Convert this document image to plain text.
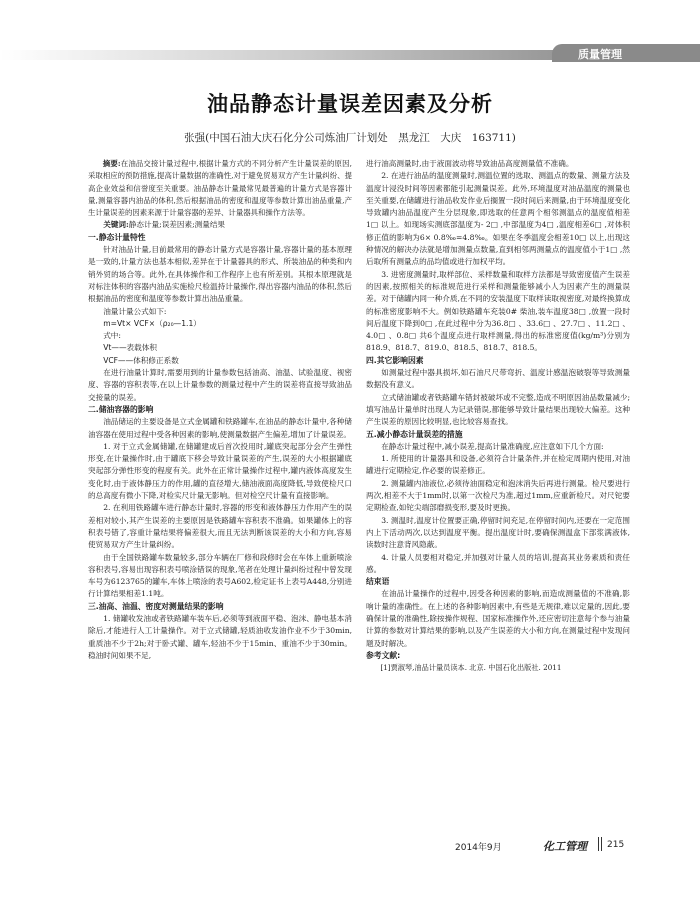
质量管理
油品静态计量误差因素及分析
张强(中国石油大庆石化分公司炼油厂计划处　黑龙江　大庆　163711)

摘要:在油品交接计量过程中,根据计量方式的不同分析产生计量误差的原因,采取相应的预防措施,提高计量数据的准确性,对于避免贸易双方产生计量纠纷、提高企业效益和信誉度至关重要。油品静态计量最常见最普遍的计量方式是容器计量,测量容器内油品的体积,然后根据油品的密度和温度等参数计算出油品重量,产生计量误差的因素来源于计量容器的差异、计量器具和操作方法等。

关键词:静态计量;误差因素;测量结果

一.静态计量特性

针对油品计量,目前最常用的静态计量方式是容器计量,容器计量的基本原理是一致的,计量方法也基本相似,差异在于计量器具的形式、所装油品的种类和内销外贸的场合等。此外,在具体操作和工作程序上也有所差别。其根本原理就是对标注体积的容器内油品实施检尺检温持计量操作,得出容器内油品的体积,然后根据油品的密度和温度等参数计算出油品重量。

油量计量公式如下:

m=Vt× VCF×（ρ₂₀—1.1）

式中:

Vt——表载体积

VCF——体积修正系数

在进行油量计算时,需要用到的计量参数包括油高、油温、试验温度、视密度、容器的容积表等,在以上计量参数的测量过程中产生的误差将直接导致油品交接量的误差。

二.储油容器的影响

油品储运的主要设备是立式金属罐和铁路罐车,在油品的静态计量中,各种储油容器在使用过程中受各种因素的影响,使测量数据产生偏差,增加了计量误差。

1. 对于立式金属储罐,在储罐建成后首次投用时,罐底突起部分会产生弹性形变,在计量操作时,由于罐底下移会导致计量误差的产生,误差的大小根据罐底突起部分弹性形变的程度有关。此外在正常计量操作过程中,罐内液体高度发生变化时,由于液体静压力的作用,罐的直径增大,储油液面高度降低,导致使检尺口的总高度有微小下降,对检实尺计量无影响。但对检空尺计量有直接影响。

2. 在利用铁路罐车进行静态计量时,容器的形变和液体静压力作用产生的误差相对较小,其产生误差的主要原因是铁路罐车容积表不准确。如果罐体上的容积表号错了,容重计量结果将偏差很大,而且无法判断该误差的大小和方向,容易使贸易双方产生计量纠纷。

由于全国铁路罐车数量较多,部分车辆在厂修和段修时会在车体上重新喷涂容积表号,容易出现容积表号喷涂错误的现象,笔者在处理计量纠纷过程中曾发现车号为6123765的罐车,车体上喷涂的表号A602,检定证书上表号A448,分别进行计算结果相差1.1吨。

三.油高、油温、密度对测量结果的影响

1. 储罐收发油或者铁路罐车装车后,必须等到液面平稳、泡沫、静电基本消除后,才能进行人工计量操作。对于立式储罐,轻质油收发油作业不少于30min,重质油不少于2h;对于卧式罐、罐车,轻油不少于15min、重油不少于30min。稳油时间如果不足,

进行油高测量时,由于液面波动将导致油品高度测量值不准确。

2. 在进行油品的温度测量时,测温位置的选取、测温点的数量、测量方法及温度计浸没时间等因素都能引起测量误差。此外,环境温度对油品温度的测量也至关重要,在储罐进行油品收发作业后搁置一段时间后来测量,由于环境温度变化导致罐内油品温度产生分层现象,即选取的任意两个相邻测温点的温度值相差1□ 以上。如现场实测底部温度为- 2□ ,中部温度为4□ ,温度相差6□ ,对体积修正值的影响为6× 0.8‰=4.8‰。如果在冬季温度会相差10□ 以上,出现这种情况的解决办法就是增加测量点数量,直到相邻两测量点的温度值小于1□ ,然后取所有测量点的品均值或进行加权平均。

3. 进密度测量时,取样部位、采样数量和取样方法都是导致密度值产生误差的因素,按照相关的标准规范进行采样和测量能够减小人为因素产生的测量误差。对于储罐内同一种介质,在不同的安装温度下取样读取视密度,对最终换算成的标准密度影响不大。例如铁路罐车充装0# 柴油,装车温度38□ ,放置一段时间后温度下降到0□ ,在此过程中分为36.8□ 、33.6□ 、27.7□ 、11.2□ 、4.0□ 、0.8□ 共6个温度点进行取样测量,得出的标准密度值(kg/m³)分别为818.9、818.7、819.0、818.5、818.7、818.5。

四.其它影响因素

如测量过程中器具损坏,如石油尺尺带弯折、温度计感温泡破裂等导致测量数据没有意义。

立式储油罐或者铁路罐车错封被破坏或不完整,造成不明原因油品数量减少;填写油品计量单时出现人为记录错误,都能够导致计量结果出现较大偏差。这种产生误差的原因比较明显,也比较容易查找。

五.减小静态计量误差的措施

在静态计量过程中,减小误差,提高计量准确度,应注意如下几个方面:

1. 所使用的计量器具和设备,必须符合计量条件,并在检定周期内使用,对油罐进行定期检定,作必要的误差修正。

2. 测量罐内油液位,必须待油面稳定和泡沫消失后再进行测量。检尺要进行两次,相差不大于1mm时,以第一次检尺为准,超过1mm,应重新检尺。对尺铊要定期检查,如铊尖端部磨损变形,要及时更换。

3. 测温时,温度计位置要正确,停留时间充足,在停留时间内,还要在一定范围内上下活动两次,以达到温度平衡。提出温度计时,要确保测温盒下部浆满液体,读数时注意背风隐蔽。

4. 计量人员要相对稳定,并加强对计量人员的培训,提高其业务素质和责任感。

结束语

在油品计量操作的过程中,因受各种因素的影响,而造成测量值的不准确,影响计量的准确性。在上述的各种影响因素中,有些是无规律,难以定量的,因此,要确保计量的准确性,除按操作规程、国家标准操作外,还应密切注意每个参与油量计算的参数对计算结果的影响,以及产生误差的大小和方向,在测量过程中发现问题及时解决。

参考文献:

[1]贾淑琴,油品计量员读本. 北京. 中国石化出版社. 2011

2014年9月	化工管理 215
